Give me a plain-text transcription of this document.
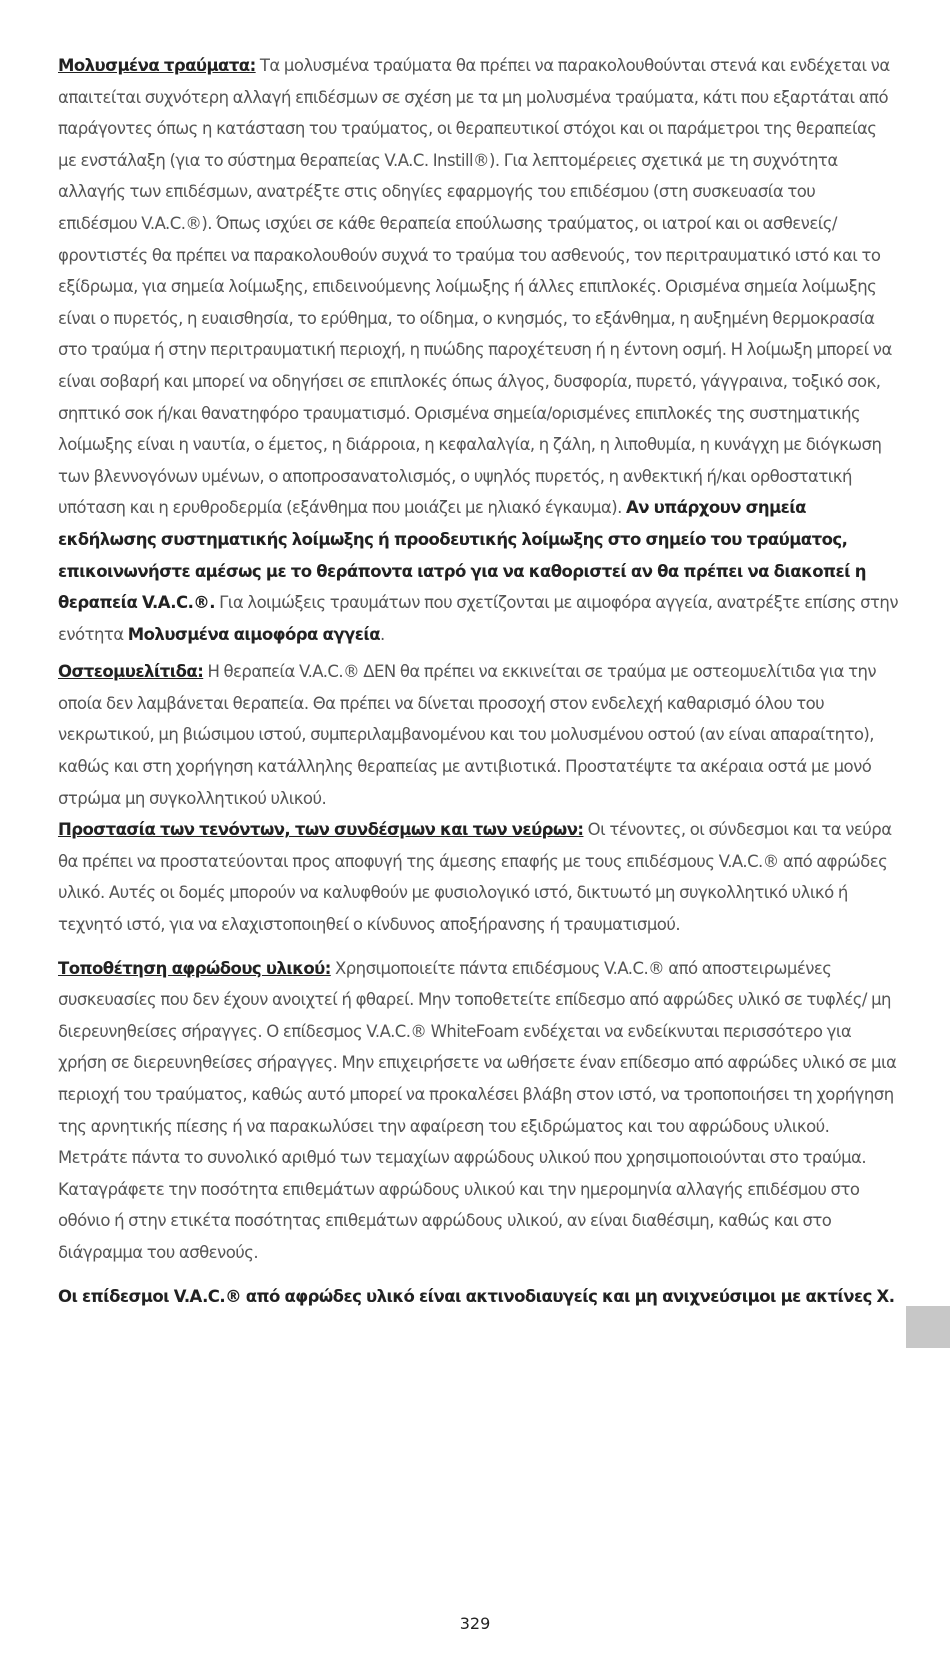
Μολυσμένα τραύματα: Τα μολυσμένα τραύματα θα πρέπει να παρακολουθούνται στενά και ενδέχεται να απαιτείται συχνότερη αλλαγή επιδέσμων σε σχέση με τα μη μολυσμένα τραύματα, κάτι που εξαρτάται από παράγοντες όπως η κατάσταση του τραύματος, οι θεραπευτικοί στόχοι και οι παράμετροι της θεραπείας με ενστάλαξη (για το σύστημα θεραπείας V.A.C. Instill®). Για λεπτομέρειες σχετικά με τη συχνότητα αλλαγής των επιδέσμων, ανατρέξτε στις οδηγίες εφαρμογής του επιδέσμου (στη συσκευασία του επιδέσμου V.A.C.®). Όπως ισχύει σε κάθε θεραπεία επούλωσης τραύματος, οι ιατροί και οι ασθενείς/ φροντιστές θα πρέπει να παρακολουθούν συχνά το τραύμα του ασθενούς, τον περιτραυματικό ιστό και το εξίδρωμα, για σημεία λοίμωξης, επιδεινούμενης λοίμωξης ή άλλες επιπλοκές. Ορισμένα σημεία λοίμωξης είναι ο πυρετός, η ευαισθησία, το ερύθημα, το οίδημα, ο κνησμός, το εξάνθημα, η αυξημένη θερμοκρασία στο τραύμα ή στην περιτραυματική περιοχή, η πυώδης παροχέτευση ή η έντονη οσμή. Η λοίμωξη μπορεί να είναι σοβαρή και μπορεί να οδηγήσει σε επιπλοκές όπως άλγος, δυσφορία, πυρετό, γάγγραινα, τοξικό σοκ, σηπτικό σοκ ή/και θανατηφόρο τραυματισμό. Ορισμένα σημεία/ορισμένες επιπλοκές της συστηματικής λοίμωξης είναι η ναυτία, ο έμετος, η διάρροια, η κεφαλαλγία, η ζάλη, η λιποθυμία, η κυνάγχη με διόγκωση των βλεννογόνων υμένων, ο αποπροσανατολισμός, ο υψηλός πυρετός, η ανθεκτική ή/και ορθοστατική υπόταση και η ερυθροδερμία (εξάνθημα που μοιάζει με ηλιακό έγκαυμα). Αν υπάρχουν σημεία εκδήλωσης συστηματικής λοίμωξης ή προοδευτικής λοίμωξης στο σημείο του τραύματος, επικοινωνήστε αμέσως με το θεράποντα ιατρό για να καθοριστεί αν θα πρέπει να διακοπεί η θεραπεία V.A.C.®. Για λοιμώξεις τραυμάτων που σχετίζονται με αιμοφόρα αγγεία, ανατρέξτε επίσης στην ενότητα Μολυσμένα αιμοφόρα αγγεία.

Οστεομυελίτιδα: Η θεραπεία V.A.C.® ΔΕΝ θα πρέπει να εκκινείται σε τραύμα με οστεομυελίτιδα για την οποία δεν λαμβάνεται θεραπεία. Θα πρέπει να δίνεται προσοχή στον ενδελεχή καθαρισμό όλου του νεκρωτικού, μη βιώσιμου ιστού, συμπεριλαμβανομένου και του μολυσμένου οστού (αν είναι απαραίτητο), καθώς και στη χορήγηση κατάλληλης θεραπείας με αντιβιοτικά. Προστατέψτε τα ακέραια οστά με μονό στρώμα μη συγκολλητικού υλικού.

Προστασία των τενόντων, των συνδέσμων και των νεύρων: Οι τένοντες, οι σύνδεσμοι και τα νεύρα θα πρέπει να προστατεύονται προς αποφυγή της άμεσης επαφής με τους επιδέσμους V.A.C.® από αφρώδες υλικό. Αυτές οι δομές μπορούν να καλυφθούν με φυσιολογικό ιστό, δικτυωτό μη συγκολλητικό υλικό ή τεχνητό ιστό, για να ελαχιστοποιηθεί ο κίνδυνος αποξήρανσης ή τραυματισμού.

Τοποθέτηση αφρώδους υλικού: Χρησιμοποιείτε πάντα επιδέσμους V.A.C.® από αποστειρωμένες συσκευασίες που δεν έχουν ανοιχτεί ή φθαρεί. Μην τοποθετείτε επίδεσμο από αφρώδες υλικό σε τυφλές/ μη διερευνηθείσες σήραγγες. Ο επίδεσμος V.A.C.® WhiteFoam ενδέχεται να ενδείκνυται περισσότερο για χρήση σε διερευνηθείσες σήραγγες. Μην επιχειρήσετε να ωθήσετε έναν επίδεσμο από αφρώδες υλικό σε μια περιοχή του τραύματος, καθώς αυτό μπορεί να προκαλέσει βλάβη στον ιστό, να τροποποιήσει τη χορήγηση της αρνητικής πίεσης ή να παρακωλύσει την αφαίρεση του εξιδρώματος και του αφρώδους υλικού. Μετράτε πάντα το συνολικό αριθμό των τεμαχίων αφρώδους υλικού που χρησιμοποιούνται στο τραύμα. Καταγράφετε την ποσότητα επιθεμάτων αφρώδους υλικού και την ημερομηνία αλλαγής επιδέσμου στο οθόνιο ή στην ετικέτα ποσότητας επιθεμάτων αφρώδους υλικού, αν είναι διαθέσιμη, καθώς και στο διάγραμμα του ασθενούς.

Οι επίδεσμοι V.A.C.® από αφρώδες υλικό είναι ακτινοδιαυγείς και μη ανιχνεύσιμοι με ακτίνες Χ.

329
